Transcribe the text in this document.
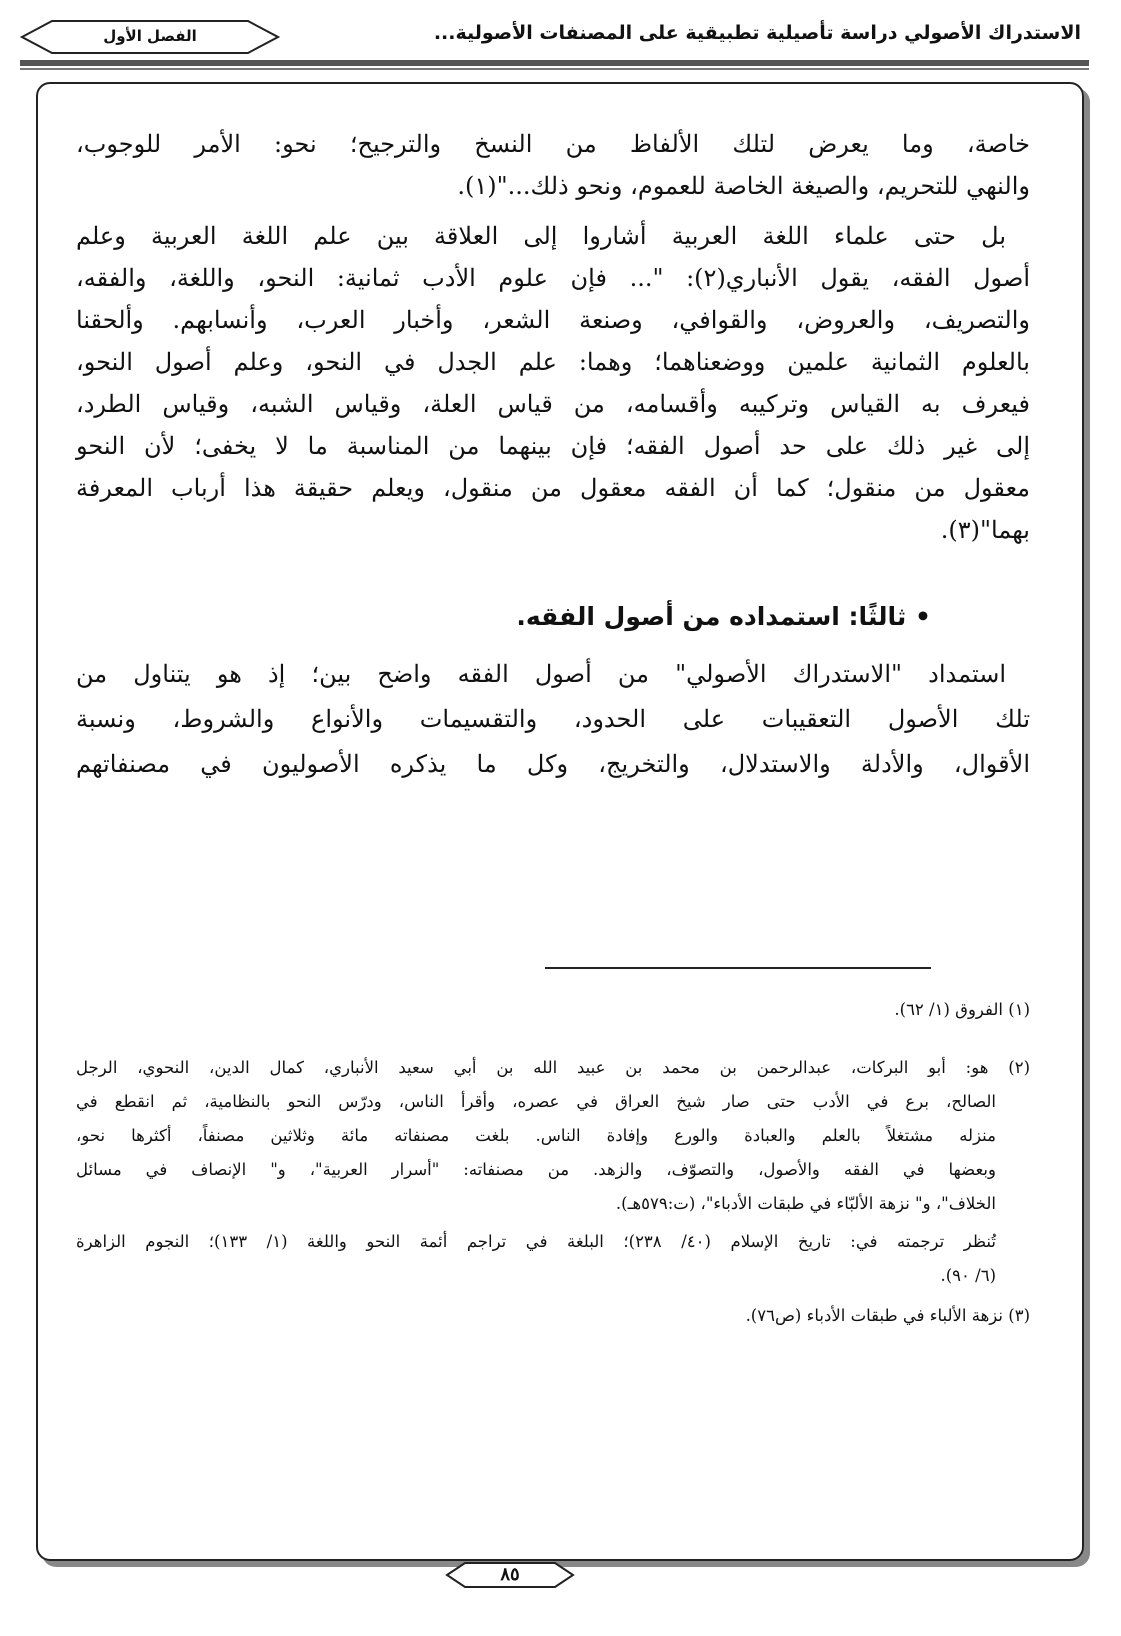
الاستدراك الأصولي دراسة تأصيلية تطبيقية على المصنفات الأصولية...
الفصل الأول
خاصة، وما يعرض لتلك الألفاظ من النسخ والترجيح؛ نحو: الأمر للوجوب،
والنهي للتحريم، والصيغة الخاصة للعموم، ونحو ذلك..."(١).
بل حتى علماء اللغة العربية أشاروا إلى العلاقة بين علم اللغة العربية وعلم
أصول الفقه، يقول الأنباري(٢): "... فإن علوم الأدب ثمانية: النحو، واللغة، والفقه،
والتصريف، والعروض، والقوافي، وصنعة الشعر، وأخبار العرب، وأنسابهم. وألحقنا
بالعلوم الثمانية علمين ووضعناهما؛ وهما: علم الجدل في النحو، وعلم أصول النحو،
فيعرف به القياس وتركيبه وأقسامه، من قياس العلة، وقياس الشبه، وقياس الطرد،
إلى غير ذلك على حد أصول الفقه؛ فإن بينهما من المناسبة ما لا يخفى؛ لأن النحو
معقول من منقول؛ كما أن الفقه معقول من منقول، ويعلم حقيقة هذا أرباب المعرفة
بهما"(٣).
• ثالثًا: استمداده من أصول الفقه.
استمداد "الاستدراك الأصولي" من أصول الفقه واضح بين؛ إذ هو يتناول من
تلك الأصول التعقيبات على الحدود، والتقسيمات والأنواع والشروط، ونسبة
الأقوال، والأدلة والاستدلال، والتخريج، وكل ما يذكره الأصوليون في مصنفاتهم
(١) الفروق (١/ ٦٢).
(٢) هو: أبو البركات، عبدالرحمن بن محمد بن عبيد الله بن أبي سعيد الأنباري، كمال الدين، النحوي، الرجل
الصالح، برع في الأدب حتى صار شيخ العراق في عصره، وأقرأ الناس، ودرّس النحو بالنظامية، ثم انقطع في
منزله مشتغلاً بالعلم والعبادة والورع وإفادة الناس. بلغت مصنفاته مائة وثلاثين مصنفاً، أكثرها نحو،
وبعضها في الفقه والأصول، والتصوّف، والزهد. من مصنفاته: "أسرار العربية"، و" الإنصاف في مسائل
الخلاف"، و" نزهة الألبّاء في طبقات الأدباء"، (ت:٥٧٩هـ).
تُنظر ترجمته في: تاريخ الإسلام (٤٠/ ٢٣٨)؛ البلغة في تراجم أئمة النحو واللغة (١/ ١٣٣)؛ النجوم الزاهرة
(٦/ ٩٠).
(٣) نزهة الألباء في طبقات الأدباء (ص٧٦).
٨٥
